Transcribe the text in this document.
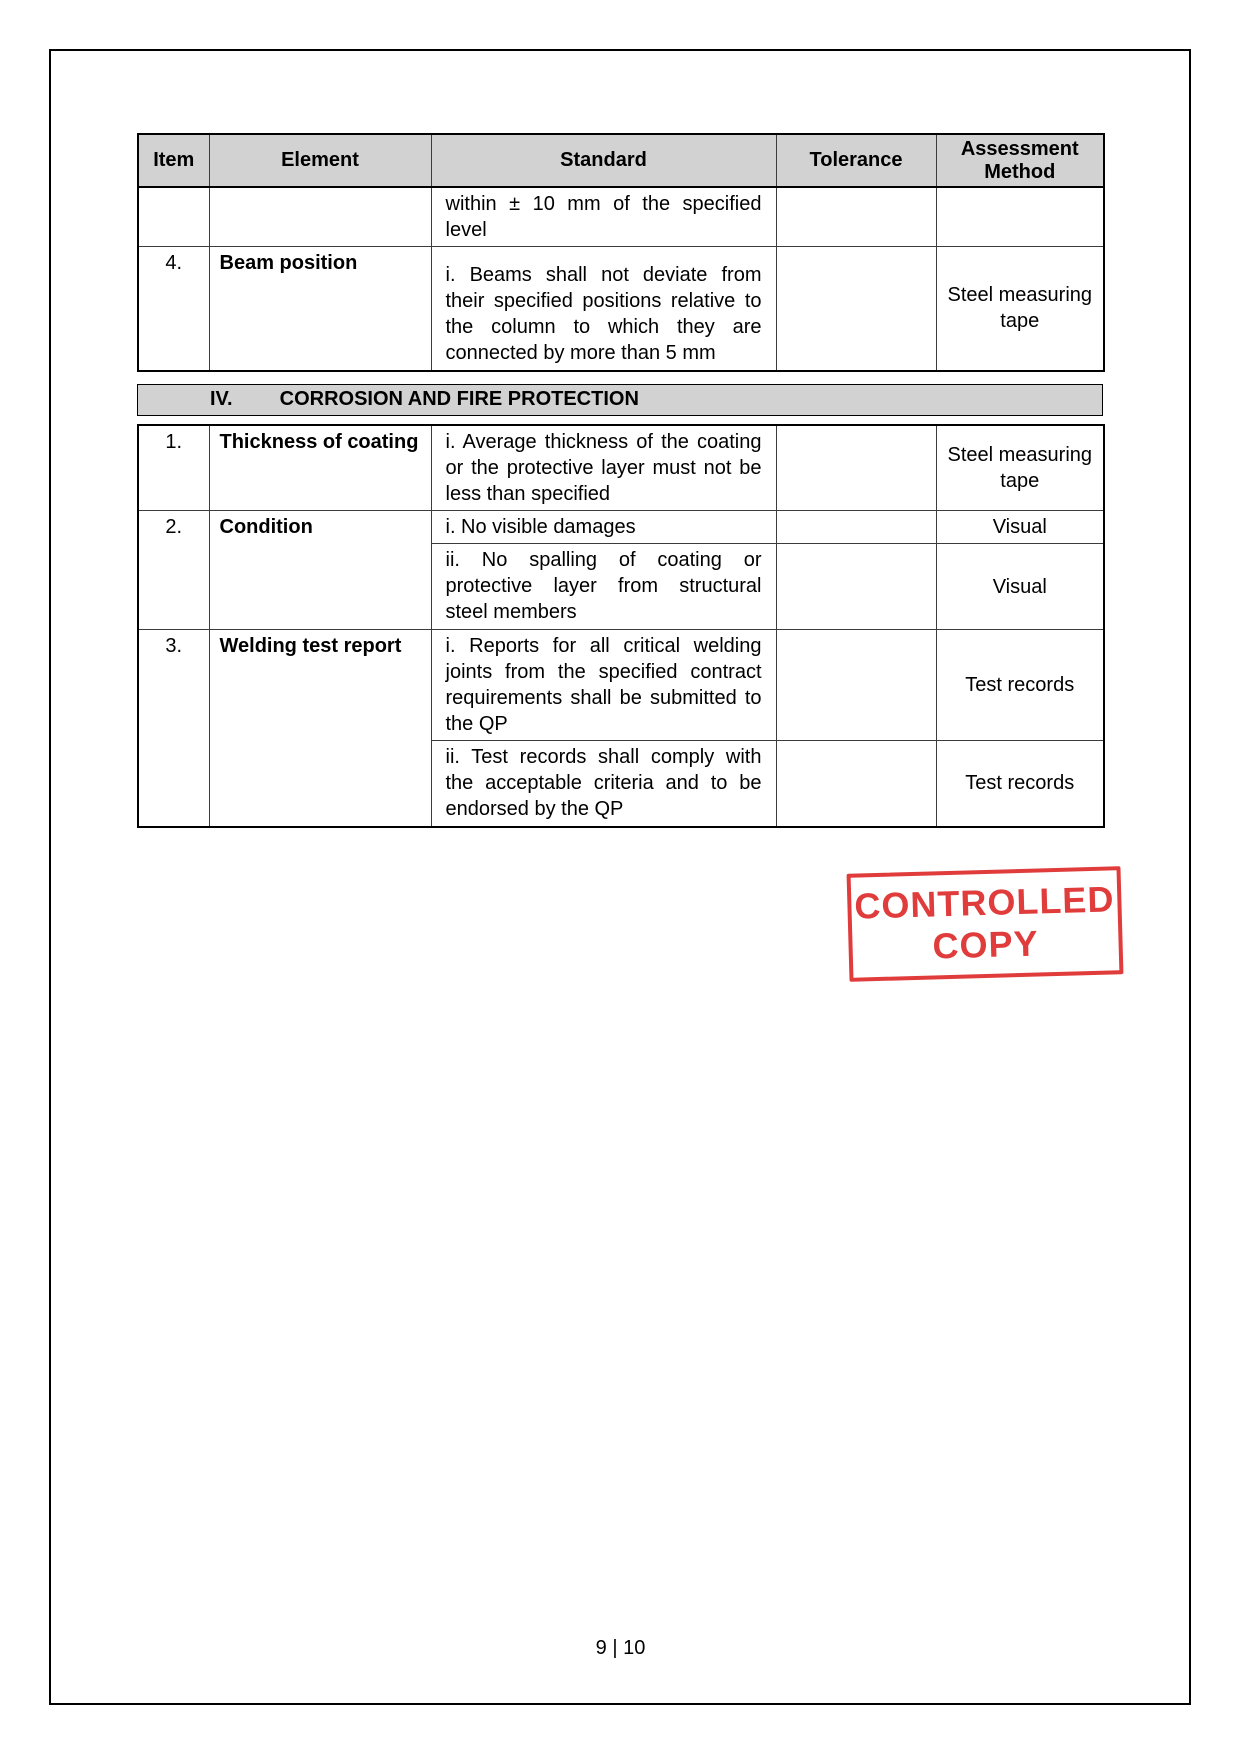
Item	Element	Standard	Tolerance	Assessment Method
		within ± 10 mm of the specified level		
4.	Beam position	i. Beams shall not deviate from their specified positions relative to the column to which they are connected by more than 5 mm		Steel measuring tape
IV. CORROSION AND FIRE PROTECTION
1.	Thickness of coating	i. Average thickness of the coating or the protective layer must not be less than specified		Steel measuring tape
2.	Condition	i. No visible damages		Visual
		ii. No spalling of coating or protective layer from structural steel members		Visual
3.	Welding test report	i. Reports for all critical welding joints from the specified contract requirements shall be submitted to the QP		Test records
		ii. Test records shall comply with the acceptable criteria and to be endorsed by the QP		Test records
CONTROLLED
COPY
9 | 10
